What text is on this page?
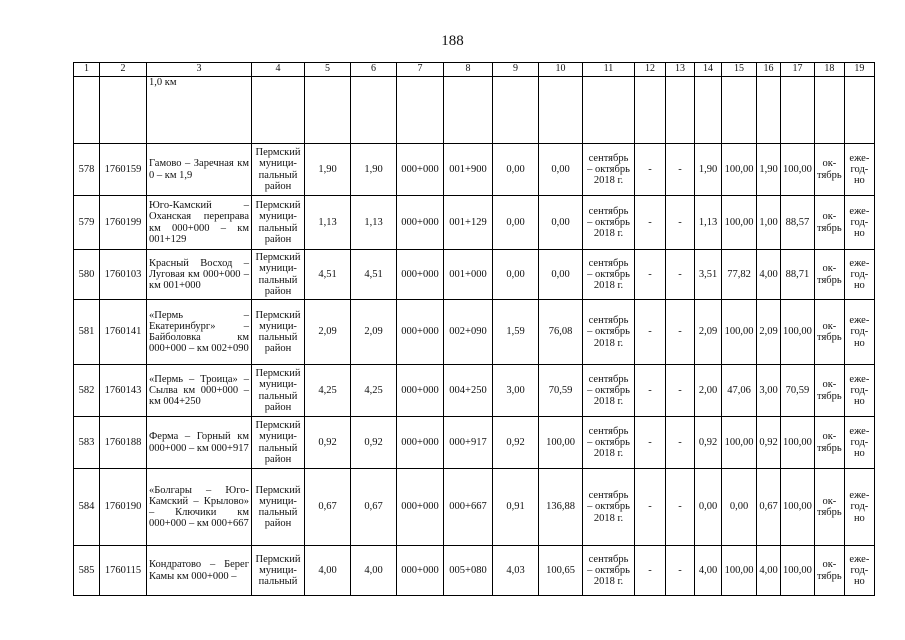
188
1	2	3	4	5	6	7	8	9	10	11	12	13	14	15	16	17	18	19
		1,0 км																
578	1760159	Гамово – Заречная км 0 – км 1,9	Пермский муници-пальный район	1,90	1,90	000+000	001+900	0,00	0,00	сентябрь – октябрь 2018 г.	-	-	1,90	100,00	1,90	100,00	ок-тябрь	еже-год-но
579	1760199	Юго-Камский – Оханская переправа км 000+000 – км 001+129	Пермский муници-пальный район	1,13	1,13	000+000	001+129	0,00	0,00	сентябрь – октябрь 2018 г.	-	-	1,13	100,00	1,00	88,57	ок-тябрь	еже-год-но
580	1760103	Красный Восход – Луговая км 000+000 – км 001+000	Пермский муници-пальный район	4,51	4,51	000+000	001+000	0,00	0,00	сентябрь – октябрь 2018 г.	-	-	3,51	77,82	4,00	88,71	ок-тябрь	еже-год-но
581	1760141	«Пермь – Екатеринбург» – Байболовка км 000+000 – км 002+090	Пермский муници-пальный район	2,09	2,09	000+000	002+090	1,59	76,08	сентябрь – октябрь 2018 г.	-	-	2,09	100,00	2,09	100,00	ок-тябрь	еже-год-но
582	1760143	«Пермь – Троица» – Сылва км 000+000 – км 004+250	Пермский муници-пальный район	4,25	4,25	000+000	004+250	3,00	70,59	сентябрь – октябрь 2018 г.	-	-	2,00	47,06	3,00	70,59	ок-тябрь	еже-год-но
583	1760188	Ферма – Горный км 000+000 – км 000+917	Пермский муници-пальный район	0,92	0,92	000+000	000+917	0,92	100,00	сентябрь – октябрь 2018 г.	-	-	0,92	100,00	0,92	100,00	ок-тябрь	еже-год-но
584	1760190	«Болгары – Юго-Камский – Крылово» – Ключики км 000+000 – км 000+667	Пермский муници-пальный район	0,67	0,67	000+000	000+667	0,91	136,88	сентябрь – октябрь 2018 г.	-	-	0,00	0,00	0,67	100,00	ок-тябрь	еже-год-но
585	1760115	Кондратово – Берег Камы км 000+000 –	Пермский муници-пальный	4,00	4,00	000+000	005+080	4,03	100,65	сентябрь – октябрь 2018 г.	-	-	4,00	100,00	4,00	100,00	ок-тябрь	еже-год-но
